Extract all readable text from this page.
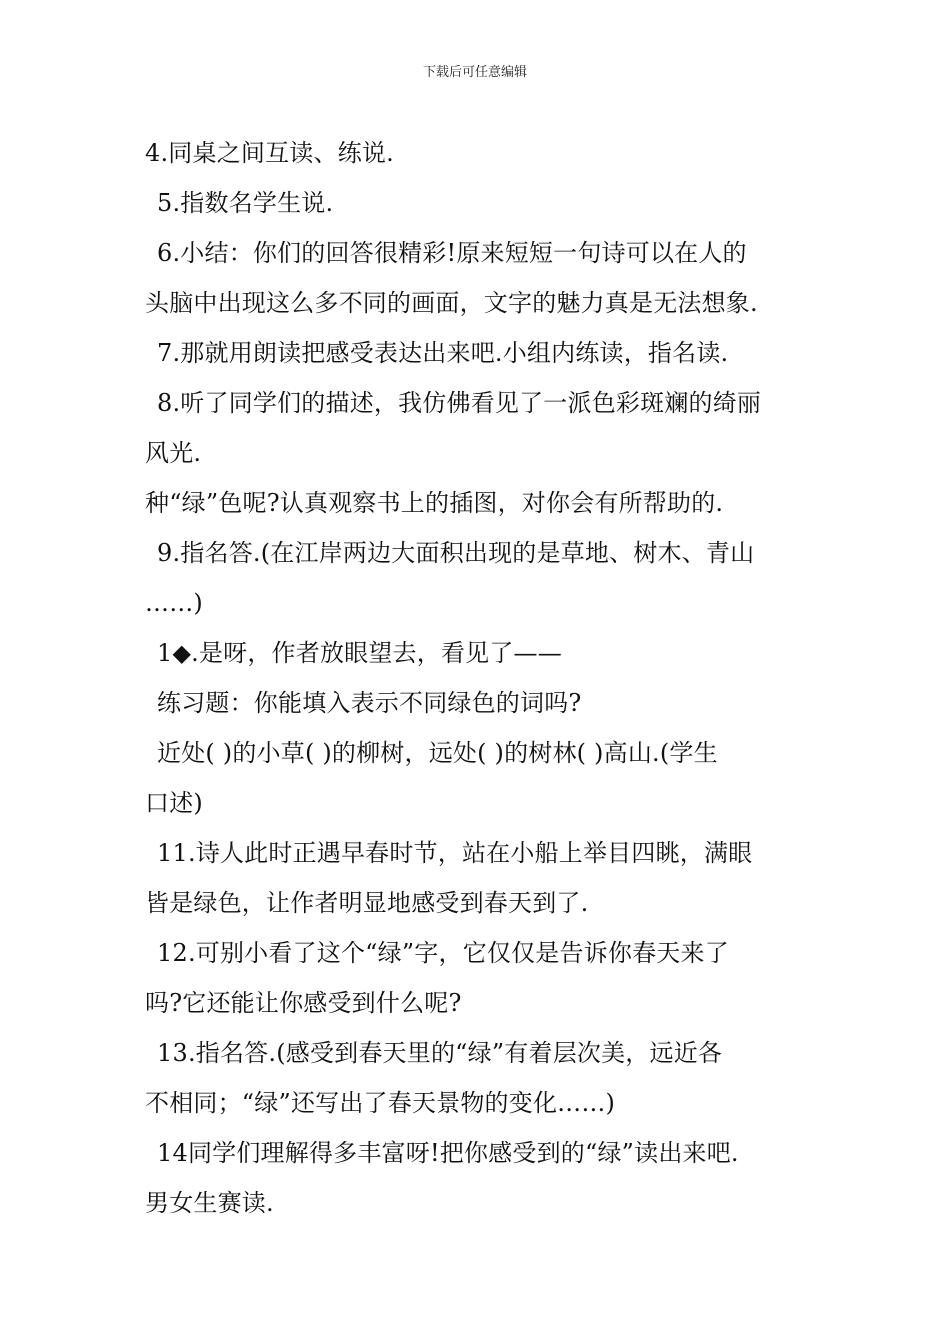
下载后可任意编辑
4.同桌之间互读、练说.
5.指数名学生说.
6.小结：你们的回答很精彩!原来短短一句诗可以在人的
头脑中出现这么多不同的画面，文字的魅力真是无法想象.
7.那就用朗读把感受表达出来吧.小组内练读，指名读.
8.听了同学们的描述，我仿佛看见了一派色彩斑斓的绮丽
风光.
种“绿”色呢?认真观察书上的插图，对你会有所帮助的.
9.指名答.(在江岸两边大面积出现的是草地、树木、青山
……)
1◆.是呀，作者放眼望去，看见了——
练习题：你能填入表示不同绿色的词吗?
近处( )的小草( )的柳树，远处( )的树林( )高山.(学生
口述)
11.诗人此时正遇早春时节，站在小船上举目四眺，满眼
皆是绿色，让作者明显地感受到春天到了.
12.可别小看了这个“绿”字，它仅仅是告诉你春天来了
吗?它还能让你感受到什么呢?
13.指名答.(感受到春天里的“绿”有着层次美，远近各
不相同；“绿”还写出了春天景物的变化……)
14同学们理解得多丰富呀!把你感受到的“绿”读出来吧.
男女生赛读.
